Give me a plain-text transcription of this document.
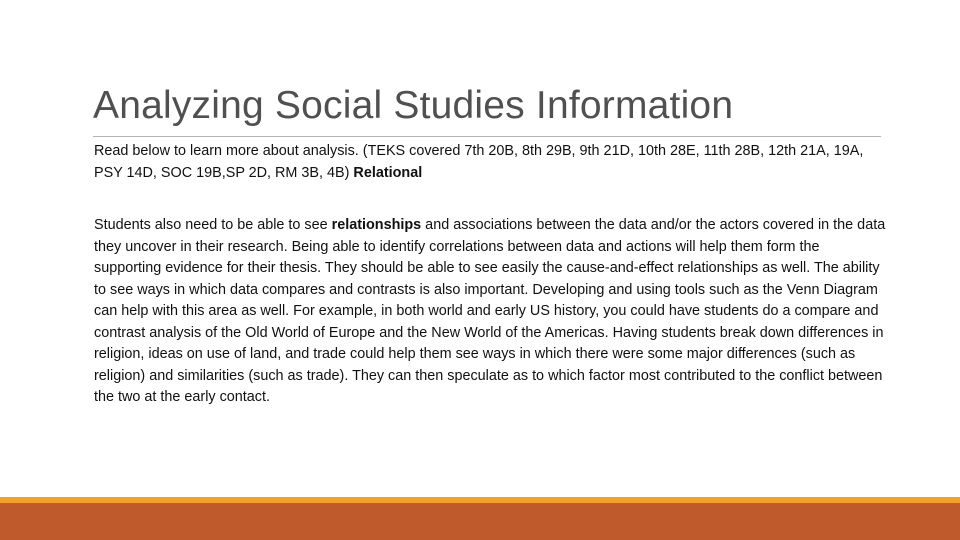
Analyzing Social Studies Information

Read below to learn more about analysis. (TEKS covered 7th 20B, 8th 29B, 9th 21D, 10th 28E, 11th 28B, 12th 21A, 19A, PSY 14D, SOC 19B,SP 2D, RM 3B, 4B) Relational

Students also need to be able to see relationships and associations between the data and/or the actors covered in the data they uncover in their research. Being able to identify correlations between data and actions will help them form the supporting evidence for their thesis. They should be able to see easily the cause-and-effect relationships as well. The ability to see ways in which data compares and contrasts is also important. Developing and using tools such as the Venn Diagram can help with this area as well. For example, in both world and early US history, you could have students do a compare and contrast analysis of the Old World of Europe and the New World of the Americas. Having students break down differences in religion, ideas on use of land, and trade could help them see ways in which there were some major differences (such as religion) and similarities (such as trade). They can then speculate as to which factor most contributed to the conflict between the two at the early contact.
